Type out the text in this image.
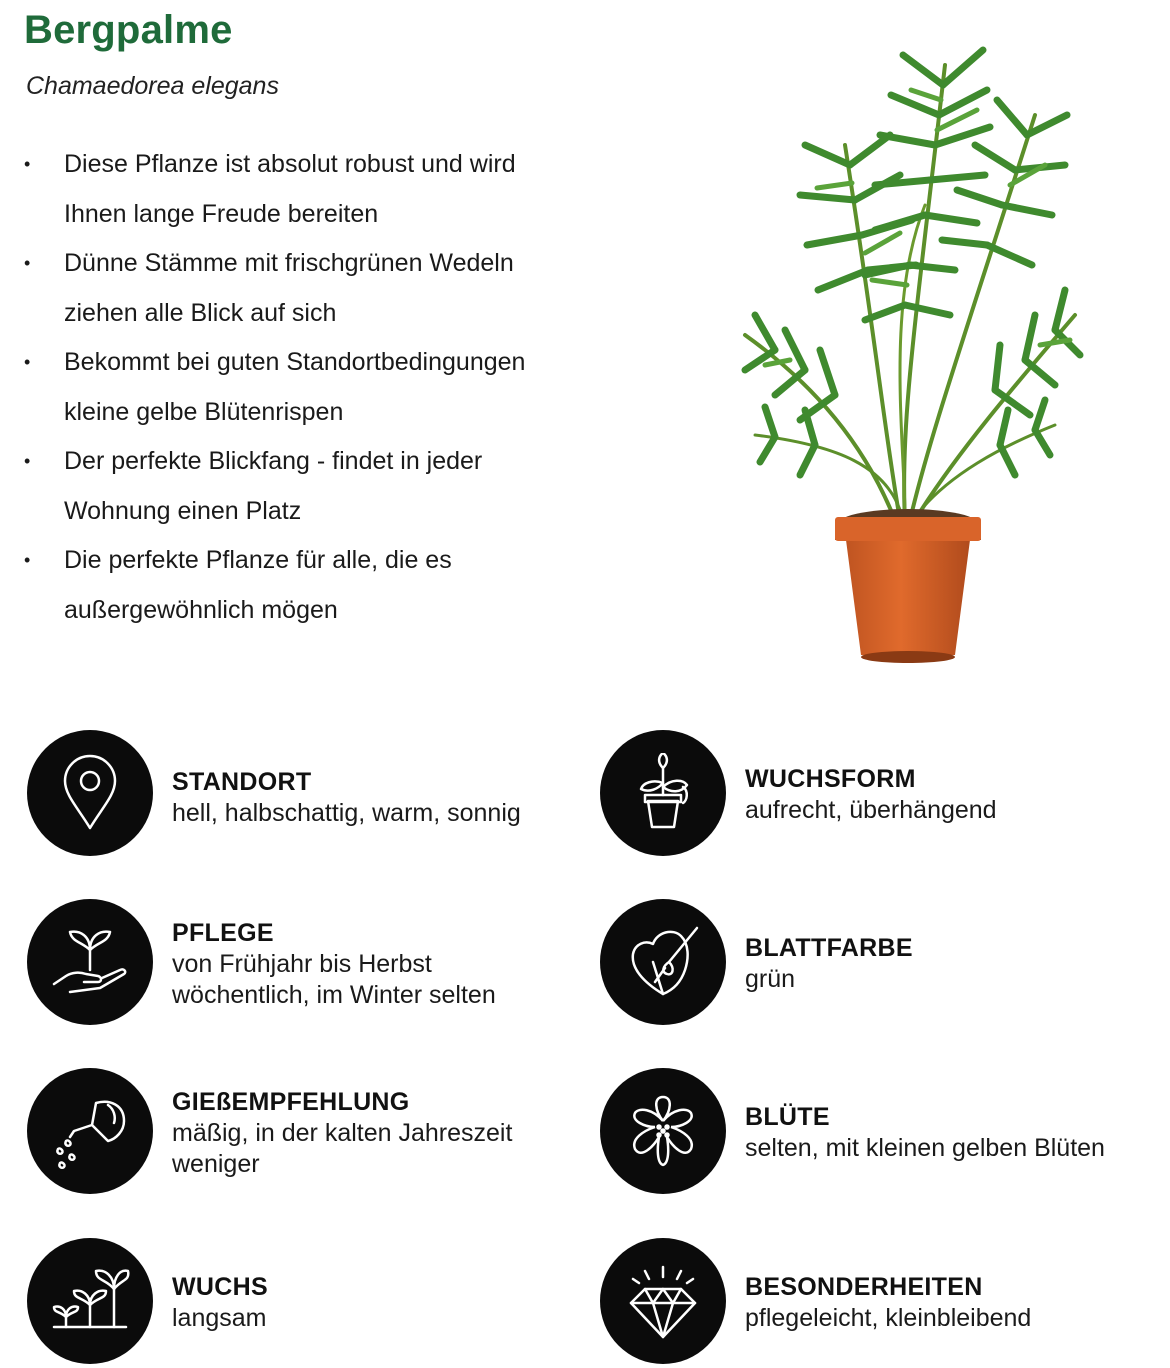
Bergpalme
Chamaedorea elegans
• Diese Pflanze ist absolut robust und wird
Ihnen lange Freude bereiten
• Dünne Stämme mit frischgrünen Wedeln
ziehen alle Blick auf sich
• Bekommt bei guten Standortbedingungen
kleine gelbe Blütenrispen
• Der perfekte Blickfang - findet in jeder
Wohnung einen Platz
• Die perfekte Pflanze für alle, die es
außergewöhnlich mögen
STANDORT
hell, halbschattig, warm, sonnig
WUCHSFORM
aufrecht, überhängend
PFLEGE
von Frühjahr bis Herbst
wöchentlich, im Winter selten
BLATTFARBE
grün
GIEßEMPFEHLUNG
mäßig, in der kalten Jahreszeit
weniger
BLÜTE
selten, mit kleinen gelben Blüten
WUCHS
langsam
BESONDERHEITEN
pflegeleicht, kleinbleibend
